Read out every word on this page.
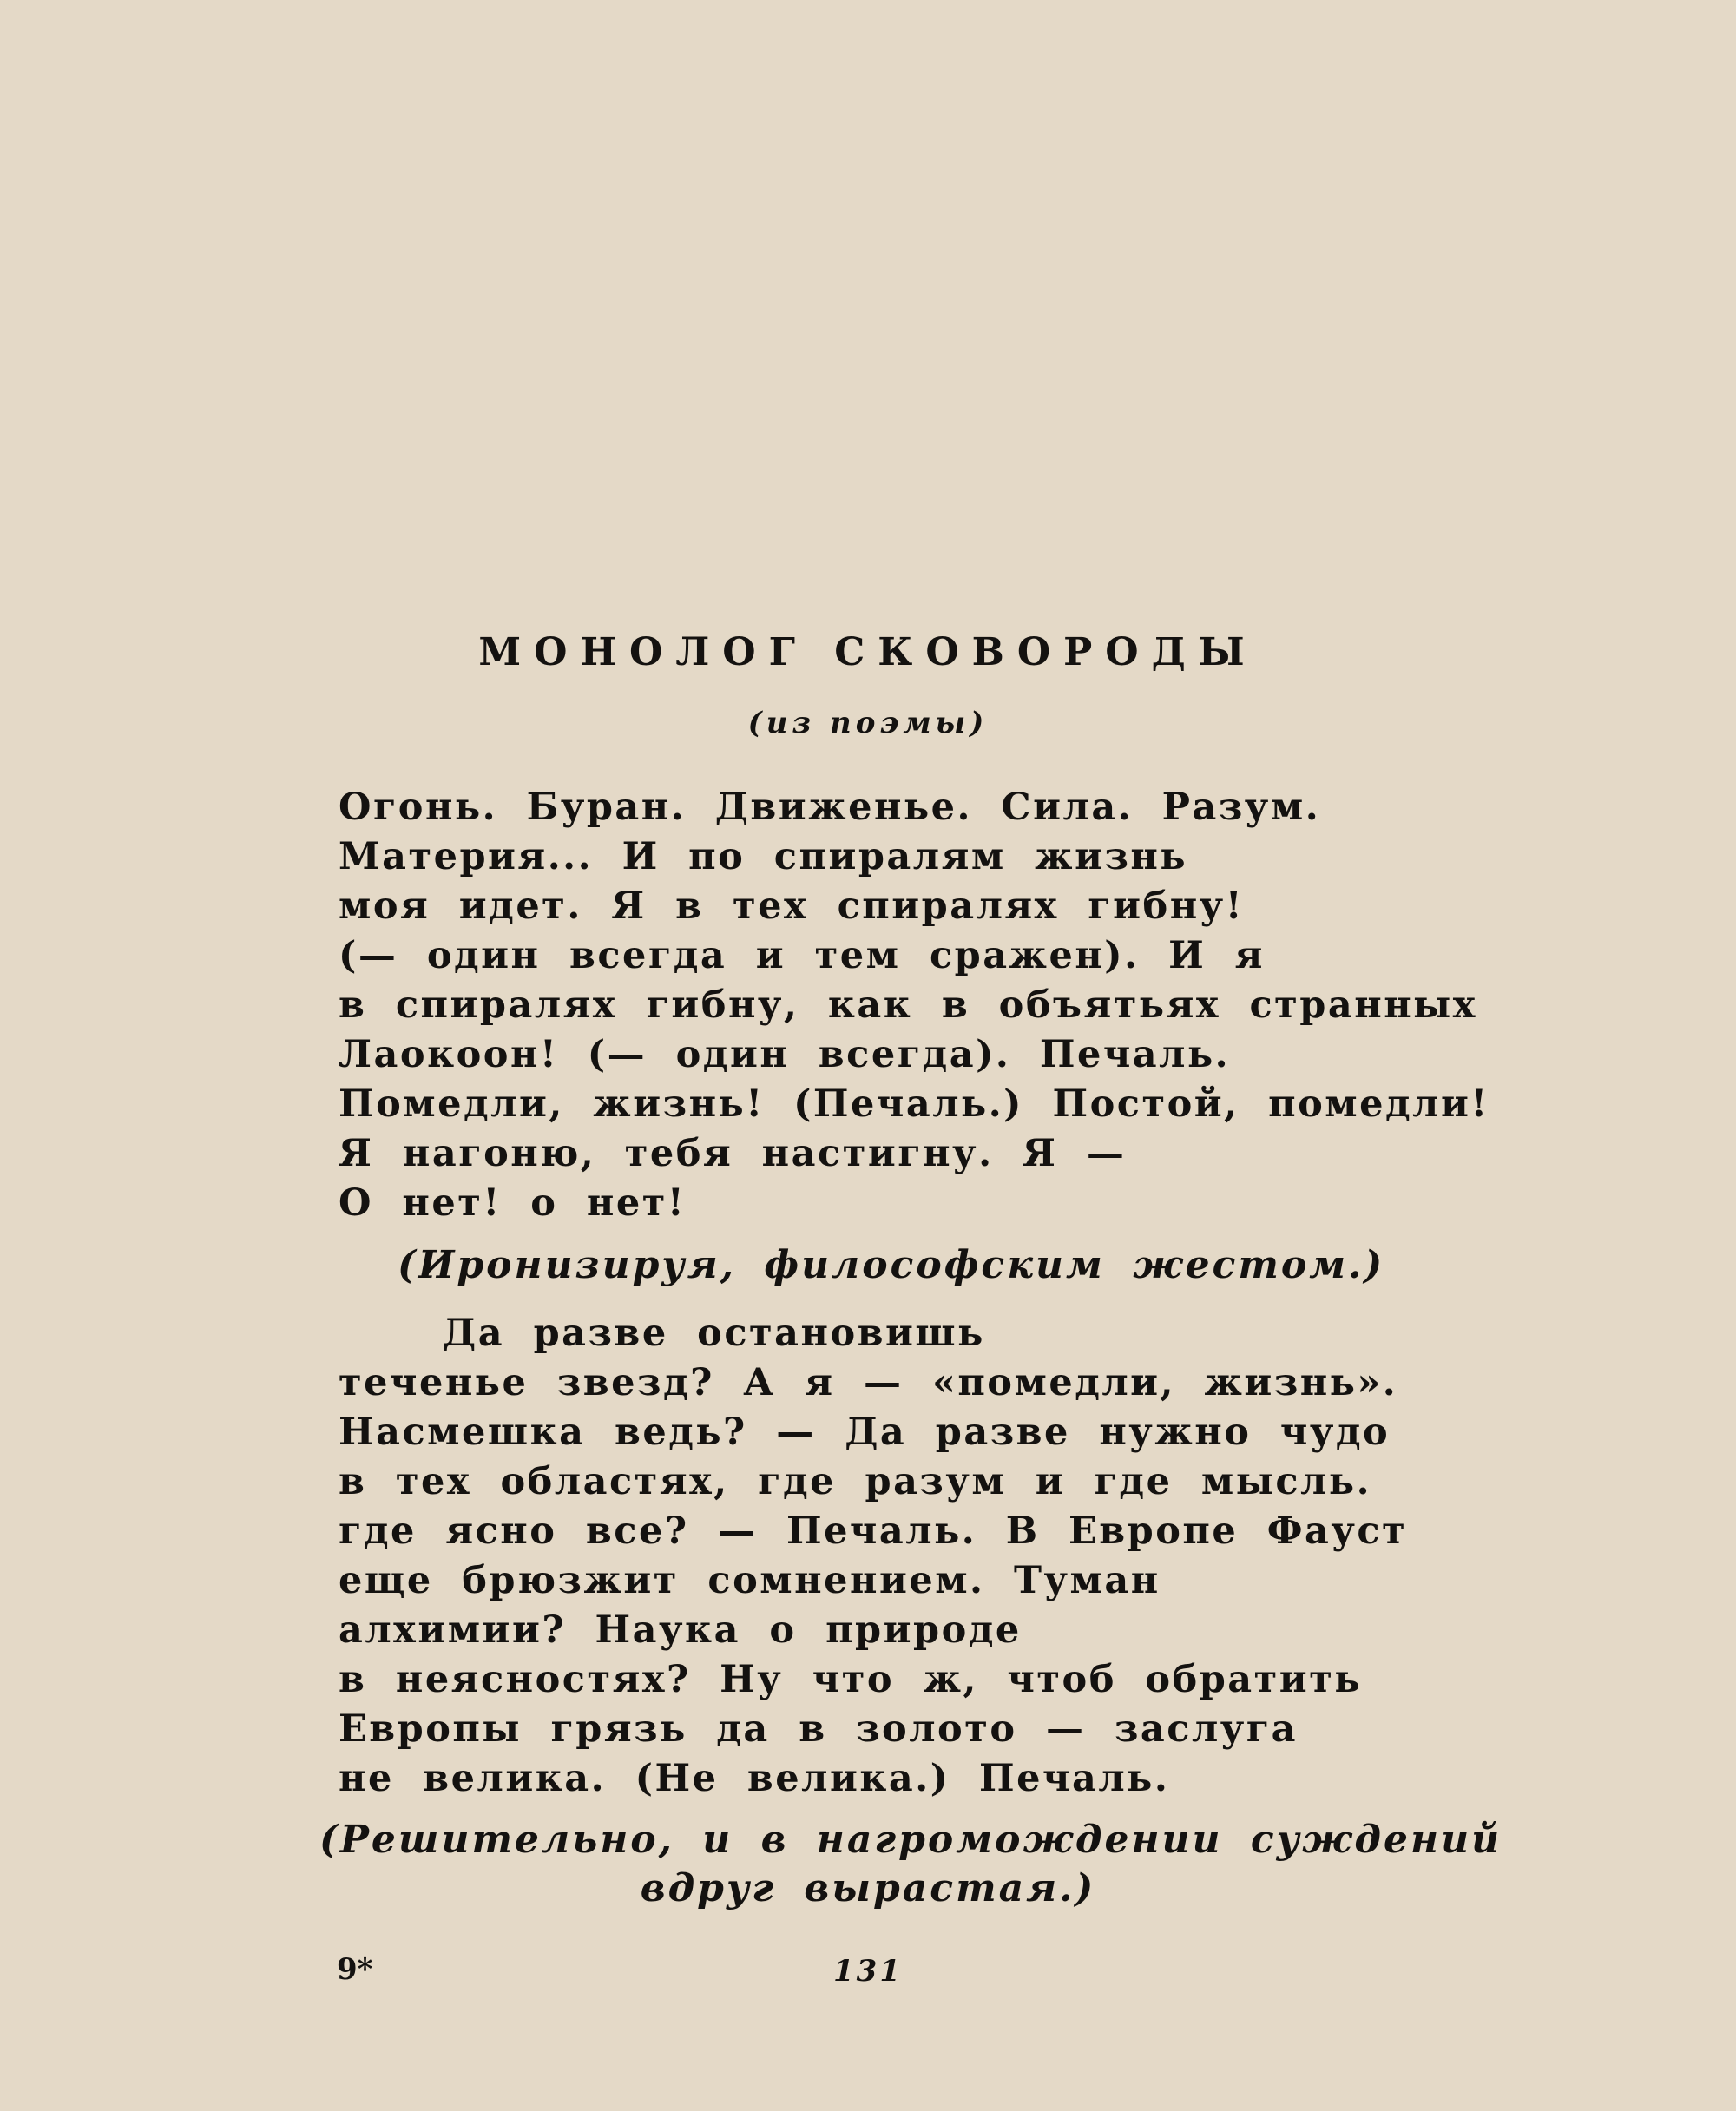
МОНОЛОГ СКОВОРОДЫ
(из поэмы)
Огонь. Буран. Движенье. Сила. Разум.
Материя... И по спиралям жизнь
моя идет. Я в тех спиралях гибну!
(— один всегда и тем сражен). И я
в спиралях гибну, как в объятьях странных
Лаокоон! (— один всегда). Печаль.
Помедли, жизнь! (Печаль.) Постой, помедли!
Я нагоню, тебя настигну. Я —
О нет! о нет!
(Иронизируя, философским жестом.)
Да разве остановишь
теченье звезд? А я — «помедли, жизнь».
Насмешка ведь? — Да разве нужно чудо
в тех областях, где разум и где мысль.
где ясно все? — Печаль. В Европе Фауст
еще брюзжит сомнением. Туман
алхимии? Наука о природе
в неясностях? Ну что ж, чтоб обратить
Европы грязь да в золото — заслуга
не велика. (Не велика.) Печаль.
(Решительно, и в нагромождении суждений
вдруг вырастая.)
9*	131
